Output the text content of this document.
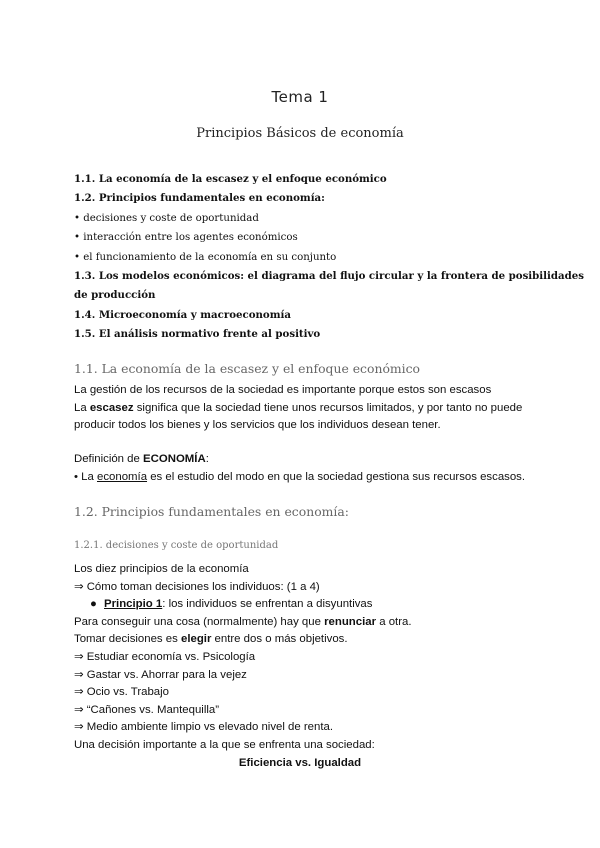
Tema 1
Principios Básicos de economía
1.1. La economía de la escasez y el enfoque económico
1.2. Principios fundamentales en economía:
• decisiones y coste de oportunidad
• interacción entre los agentes económicos
• el funcionamiento de la economía en su conjunto
1.3. Los modelos económicos: el diagrama del flujo circular y la frontera de posibilidades
de producción
1.4. Microeconomía y macroeconomía
1.5. El análisis normativo frente al positivo
1.1. La economía de la escasez y el enfoque económico
La gestión de los recursos de la sociedad es importante porque estos son escasos
La escasez significa que la sociedad tiene unos recursos limitados, y por tanto no puede
producir todos los bienes y los servicios que los individuos desean tener.
Definición de ECONOMÍA:
• La economía es el estudio del modo en que la sociedad gestiona sus recursos escasos.
1.2. Principios fundamentales en economía:
1.2.1. decisiones y coste de oportunidad
Los diez principios de la economía
⇒ Cómo toman decisiones los individuos: (1 a 4)
● Principio 1: los individuos se enfrentan a disyuntivas
Para conseguir una cosa (normalmente) hay que renunciar a otra.
Tomar decisiones es elegir entre dos o más objetivos.
⇒ Estudiar economía vs. Psicología
⇒ Gastar vs. Ahorrar para la vejez
⇒ Ocio vs. Trabajo
⇒ “Cañones vs. Mantequilla”
⇒ Medio ambiente limpio vs elevado nivel de renta.
Una decisión importante a la que se enfrenta una sociedad:
Eficiencia vs. Igualdad
